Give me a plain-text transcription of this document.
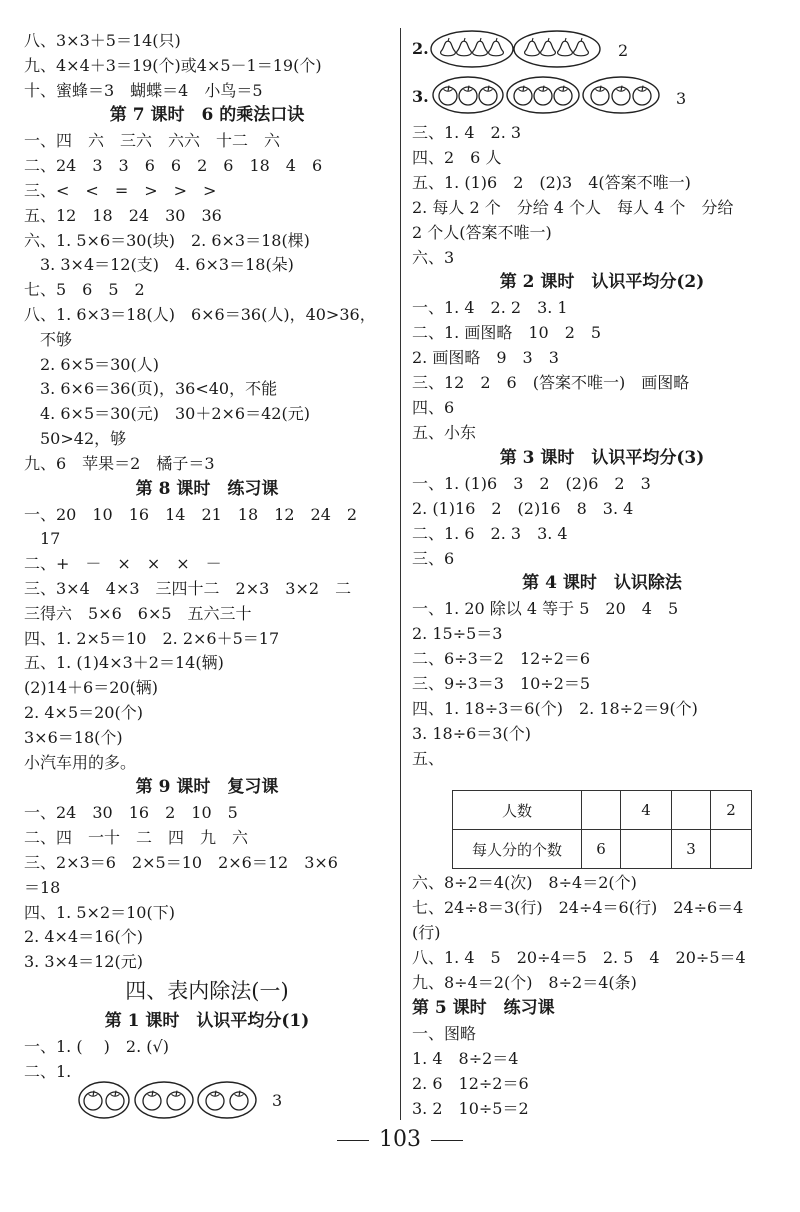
八、3×3＋5＝14(只)
九、4×4＋3＝19(个)或4×5－1＝19(个)
十、蜜蜂＝3　蝴蝶＝4　小鸟＝5
第 7 课时　6 的乘法口诀
一、四　六　三六　六六　十二　六
二、24　3　3　6　6　2　6　18　4　6
三、<　<　=　>　>　>
五、12　18　24　30　36
六、1. 5×6＝30(块)　2. 6×3＝18(棵)
　3. 3×4＝12(支)　4. 6×3＝18(朵)
七、5　6　5　2
八、1. 6×3＝18(人)　6×6＝36(人)，40>36，
　不够
　2. 6×5＝30(人)
　3. 6×6＝36(页)，36<40，不能
　4. 6×5＝30(元)　30＋2×6＝42(元)
　50>42，够
九、6　苹果＝2　橘子＝3
第 8 课时　练习课
一、20　10　16　14　21　18　12　24　2
　17
二、+　－　×　×　×　－
三、3×4　4×3　三四十二　2×3　3×2　二
三得六　5×6　6×5　五六三十
四、1. 2×5＝10　2. 2×6＋5＝17
五、1. (1)4×3＋2＝14(辆)
(2)14＋6＝20(辆)
2. 4×5＝20(个)
3×6＝18(个)
小汽车用的多。
第 9 课时　复习课
一、24　30　16　2　10　5
二、四　一十　二　四　九　六
三、2×3＝6　2×5＝10　2×6＝12　3×6
＝18
四、1. 5×2＝10(下)
2. 4×4＝16(个)
3. 3×4＝12(元)
四、表内除法(一)
第 1 课时　认识平均分(1)
一、1. (　 )　2. (√)
二、1.
三、1. 4　2. 3
四、2　6 人
五、1. (1)6　2　(2)3　4(答案不唯一)
2. 每人 2 个　分给 4 个人　每人 4 个　分给
2 个人(答案不唯一)
六、3
第 2 课时　认识平均分(2)
一、1. 4　2. 2　3. 1
二、1. 画图略　10　2　5
2. 画图略　9　3　3
三、12　2　6　(答案不唯一)　画图略
四、6
五、小东
第 3 课时　认识平均分(3)
一、1. (1)6　3　2　(2)6　2　3
2. (1)16　2　(2)16　8　3. 4
二、1. 6　2. 3　3. 4
三、6
第 4 课时　认识除法
一、1. 20 除以 4 等于 5　20　4　5
2. 15÷5＝3
二、6÷3＝2　12÷2＝6
三、9÷3＝3　10÷2＝5
四、1. 18÷3＝6(个)　2. 18÷2＝9(个)
3. 18÷6＝3(个)
五、
3
2.	2
3.	3
人数		4		2
每人分的个数	6		3	
103
六、8÷2＝4(次)　8÷4＝2(个)
七、24÷8＝3(行)　24÷4＝6(行)　24÷6＝4
(行)
八、1. 4　5　20÷4＝5　2. 5　4　20÷5＝4
九、8÷4＝2(个)　8÷2＝4(条)
第 5 课时　练习课
一、图略
1. 4　8÷2＝4
2. 6　12÷2＝6
3. 2　10÷5＝2
